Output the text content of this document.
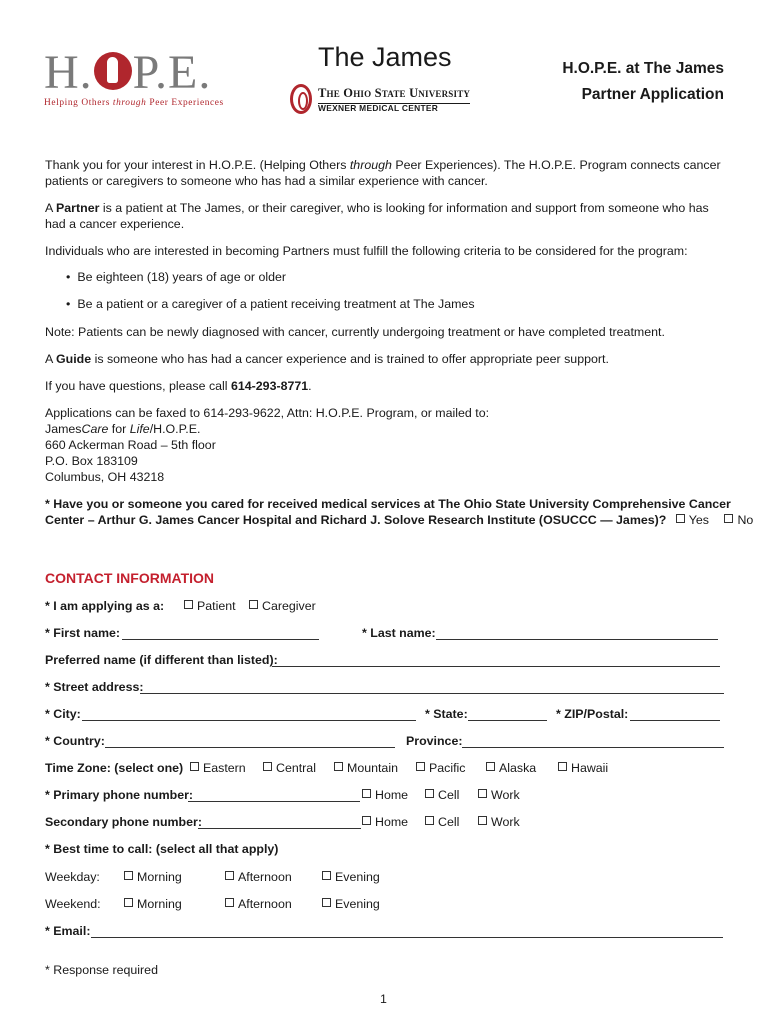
H. P.E.
Helping Others through Peer Experiences
The James
The Ohio State University
WEXNER MEDICAL CENTER
H.O.P.E. at The James
Partner Application
Thank you for your interest in H.O.P.E. (Helping Others through Peer Experiences). The H.O.P.E. Program connects cancer
patients or caregivers to someone who has had a similar experience with cancer.
A Partner is a patient at The James, or their caregiver, who is looking for information and support from someone who has
had a cancer experience.
Individuals who are interested in becoming Partners must fulfill the following criteria to be considered for the program:
• Be eighteen (18) years of age or older
• Be a patient or a caregiver of a patient receiving treatment at The James
Note: Patients can be newly diagnosed with cancer, currently undergoing treatment or have completed treatment.
A Guide is someone who has had a cancer experience and is trained to offer appropriate peer support.
If you have questions, please call 614-293-8771.
Applications can be faxed to 614-293-9622, Attn: H.O.P.E. Program, or mailed to:
JamesCare for Life/H.O.P.E.
660 Ackerman Road – 5th floor
P.O. Box 183109
Columbus, OH 43218
* Have you or someone you cared for received medical services at The Ohio State University Comprehensive Cancer
Center – Arthur G. James Cancer Hospital and Richard J. Solove Research Institute (OSUCCC — James)? Yes No
CONTACT INFORMATION
* I am applying as a:	Patient	Caregiver
* First name:	* Last name:
Preferred name (if different than listed):
* Street address:
* City:	* State:	* ZIP/Postal:
* Country:	Province:
Time Zone: (select one)	Eastern	Central	Mountain	Pacific	Alaska	Hawaii
* Primary phone number:	Home	Cell	Work
Secondary phone number:	Home	Cell	Work
* Best time to call: (select all that apply)
Weekday:	Morning	Afternoon	Evening
Weekend:	Morning	Afternoon	Evening
* Email:
* Response required
1
